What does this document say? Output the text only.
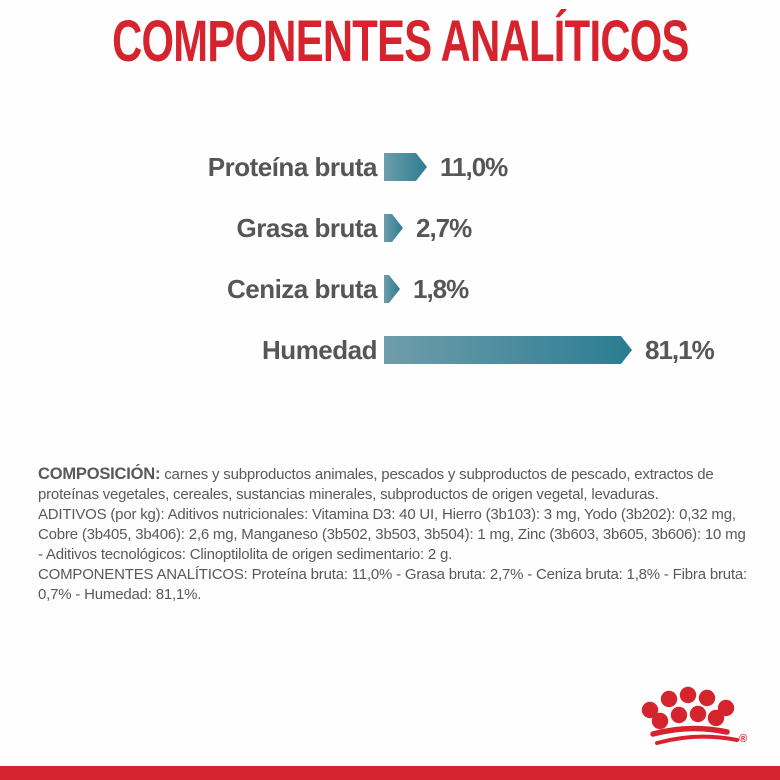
COMPONENTES ANALÍTICOS
Proteína bruta 11,0%
Grasa bruta 2,7%
Ceniza bruta 1,8%
Humedad	81,1%

COMPOSICIÓN: carnes y subproductos animales, pescados y subproductos de pescado, extractos de proteínas vegetales, cereales, sustancias minerales, subproductos de origen vegetal, levaduras.

ADITIVOS (por kg): Aditivos nutricionales: Vitamina D3: 40 UI, Hierro (3b103): 3 mg, Yodo (3b202): 0,32 mg, Cobre (3b405, 3b406): 2,6 mg, Manganeso (3b502, 3b503, 3b504): 1 mg, Zinc (3b603, 3b605, 3b606): 10 mg - Aditivos tecnológicos: Clinoptilolita de origen sedimentario: 2 g.

COMPONENTES ANALÍTICOS: Proteína bruta: 11,0% - Grasa bruta: 2,7% - Ceniza bruta: 1,8% - Fibra bruta: 0,7% - Humedad: 81,1%.

®
